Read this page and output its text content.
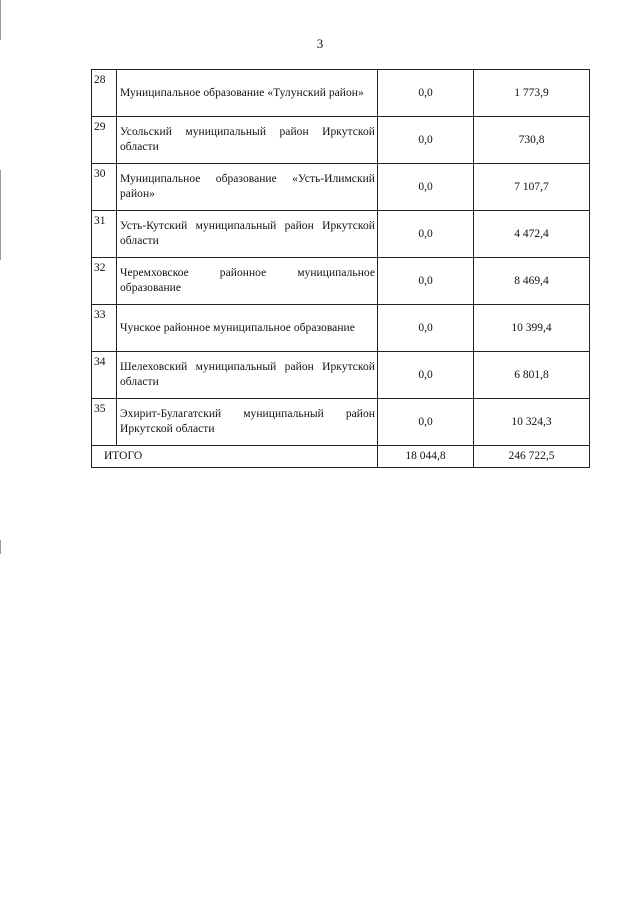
3
28	Муниципальное образование «Тулунский район»	0,0	1 773,9
29	Усольский муниципальный район Иркутской области	0,0	730,8
30	Муниципальное образование «Усть-Илимский район»	0,0	7 107,7
31	Усть-Кутский муниципальный район Иркутской области	0,0	4 472,4
32	Черемховское районное муниципальное образование	0,0	8 469,4
33	Чунское районное муниципальное образование	0,0	10 399,4
34	Шелеховский муниципальный район Иркутской области	0,0	6 801,8
35	Эхирит-Булагатский муниципальный район Иркутской области	0,0	10 324,3
ИТОГО		18 044,8	246 722,5
